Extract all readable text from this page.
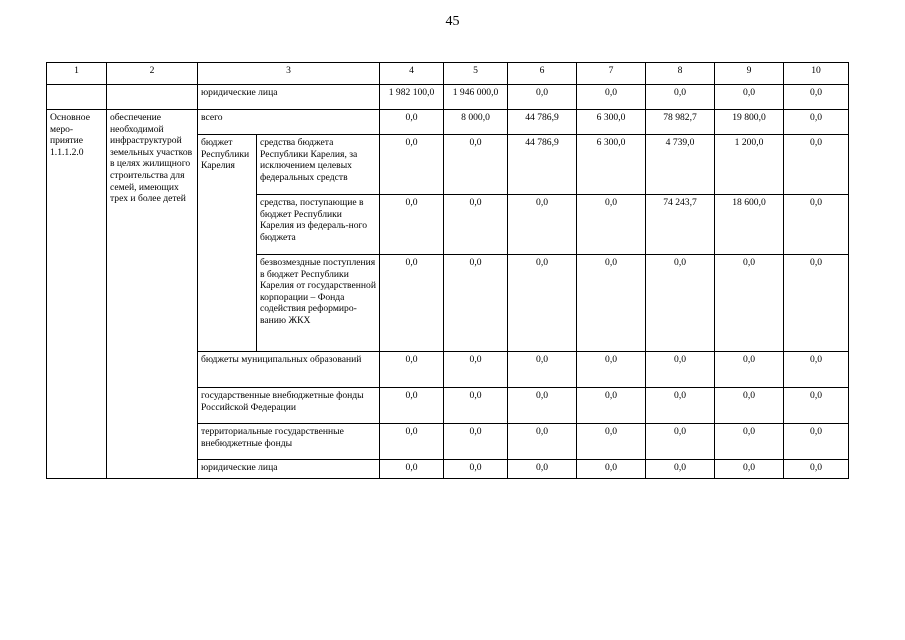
45
1	2	3		4	5	6	7	8	9	10
		юридические лица		1 982 100,0	1 946 000,0	0,0	0,0	0,0	0,0	0,0
Основное меро-приятие 1.1.1.2.0	обеспечение необходимой инфраструктурой земельных участков в целях жилищного строительства для семей, имеющих трех и более детей	всего		0,0	8 000,0	44 786,9	6 300,0	78 982,7	19 800,0	0,0
		бюджет Республики Карелия	средства бюджета Республики Карелия, за исключением целевых федеральных средств	0,0	0,0	44 786,9	6 300,0	4 739,0	1 200,0	0,0
			средства, поступающие в бюджет Республики Карелия из федераль-ного бюджета	0,0	0,0	0,0	0,0	74 243,7	18 600,0	0,0
			безвозмездные поступления в бюджет Республики Карелия от государственной корпорации – Фонда содействия реформиро-ванию ЖКХ	0,0	0,0	0,0	0,0	0,0	0,0	0,0
		бюджеты муниципальных образований		0,0	0,0	0,0	0,0	0,0	0,0	0,0
		государственные внебюджетные фонды Российской Федерации		0,0	0,0	0,0	0,0	0,0	0,0	0,0
		территориальные государственные внебюджетные фонды		0,0	0,0	0,0	0,0	0,0	0,0	0,0
		юридические лица		0,0	0,0	0,0	0,0	0,0	0,0	0,0
